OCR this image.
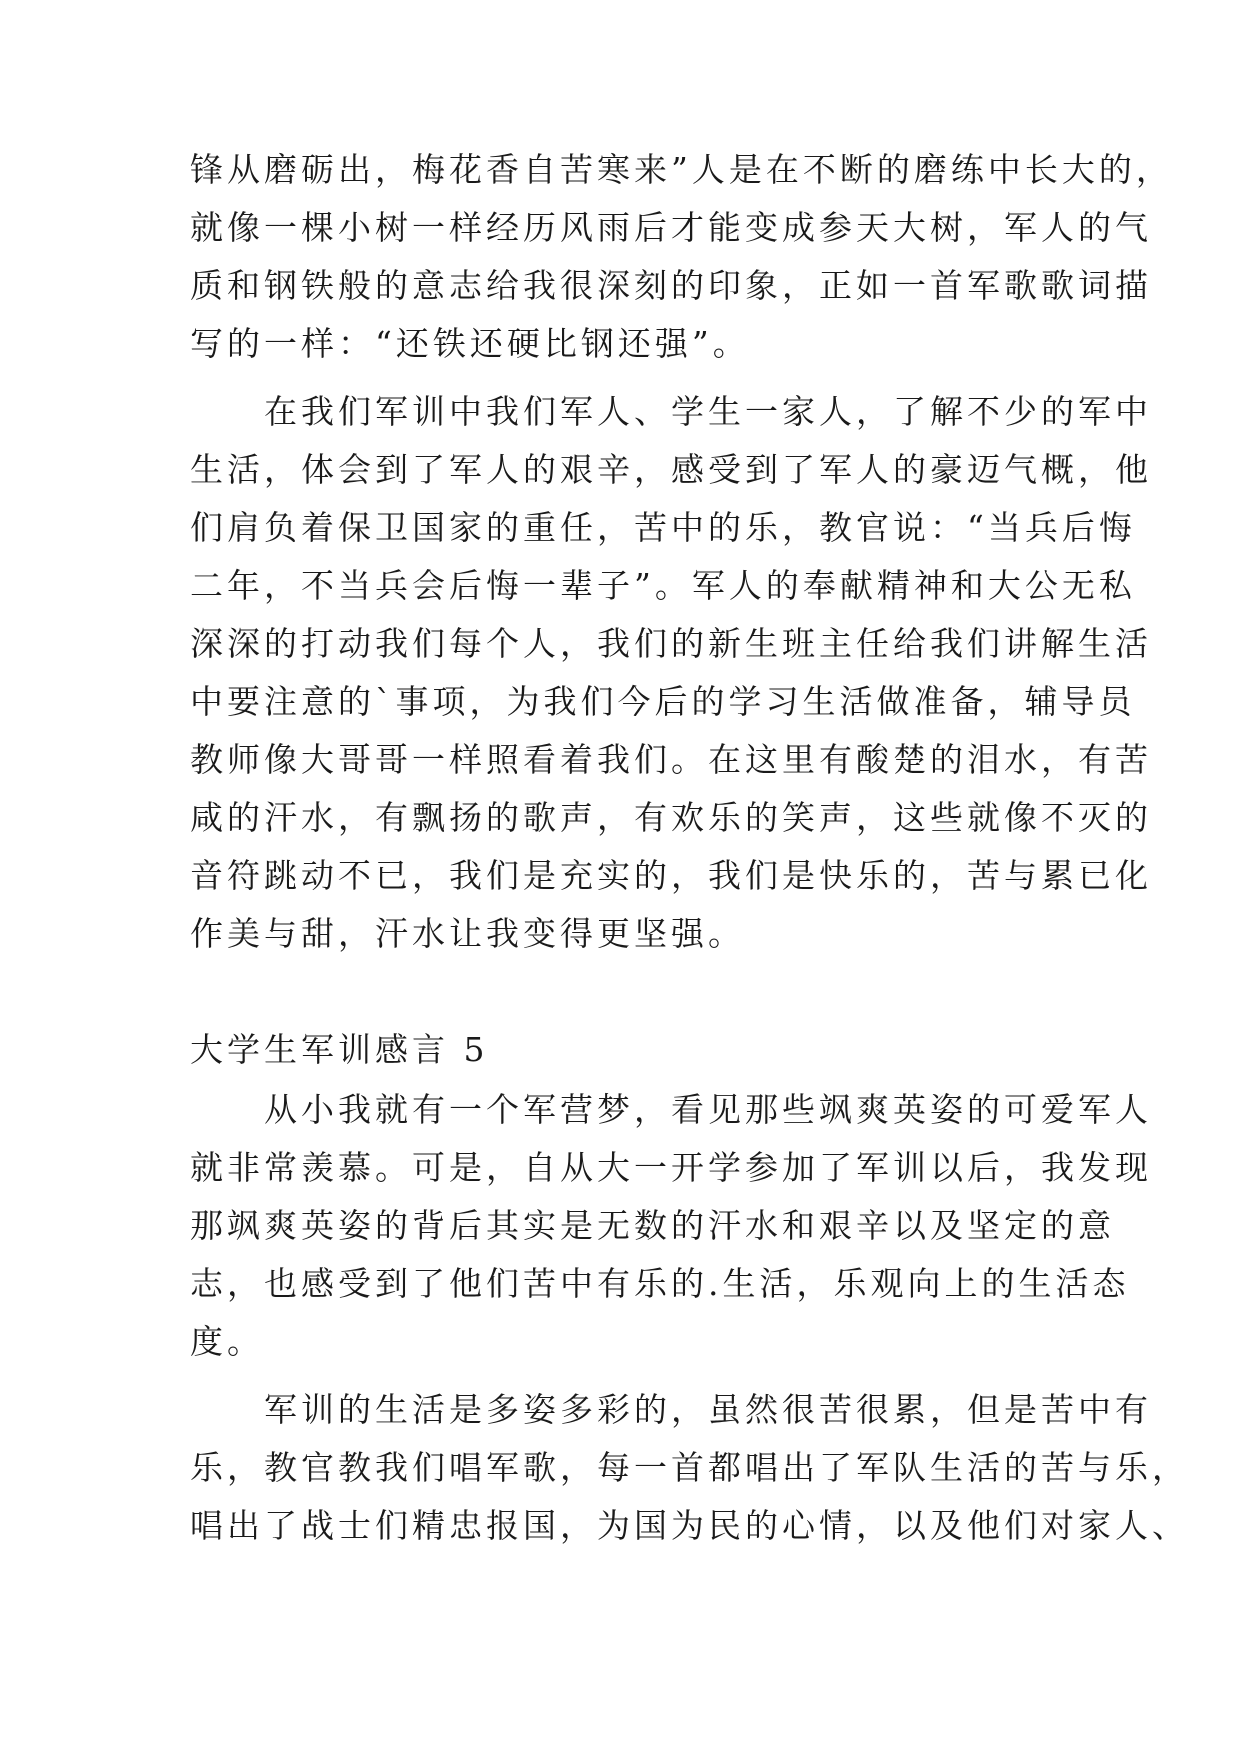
锋从磨砺出，梅花香自苦寒来”人是在不断的磨练中长大的，
就像一棵小树一样经历风雨后才能变成参天大树，军人的气
质和钢铁般的意志给我很深刻的印象，正如一首军歌歌词描
写的一样：“还铁还硬比钢还强”。
　　在我们军训中我们军人、学生一家人，了解不少的军中
生活，体会到了军人的艰辛，感受到了军人的豪迈气概，他
们肩负着保卫国家的重任，苦中的乐，教官说：“当兵后悔
二年，不当兵会后悔一辈子”。军人的奉献精神和大公无私
深深的打动我们每个人，我们的新生班主任给我们讲解生活
中要注意的`事项，为我们今后的学习生活做准备，辅导员
教师像大哥哥一样照看着我们。在这里有酸楚的泪水，有苦
咸的汗水，有飘扬的歌声，有欢乐的笑声，这些就像不灭的
音符跳动不已，我们是充实的，我们是快乐的，苦与累已化
作美与甜，汗水让我变得更坚强。
大学生军训感言 5
　　从小我就有一个军营梦，看见那些飒爽英姿的可爱军人
就非常羡慕。可是，自从大一开学参加了军训以后，我发现
那飒爽英姿的背后其实是无数的汗水和艰辛以及坚定的意
志，也感受到了他们苦中有乐的.生活，乐观向上的生活态
度。
　　军训的生活是多姿多彩的，虽然很苦很累，但是苦中有
乐，教官教我们唱军歌，每一首都唱出了军队生活的苦与乐，
唱出了战士们精忠报国，为国为民的心情，以及他们对家人、
